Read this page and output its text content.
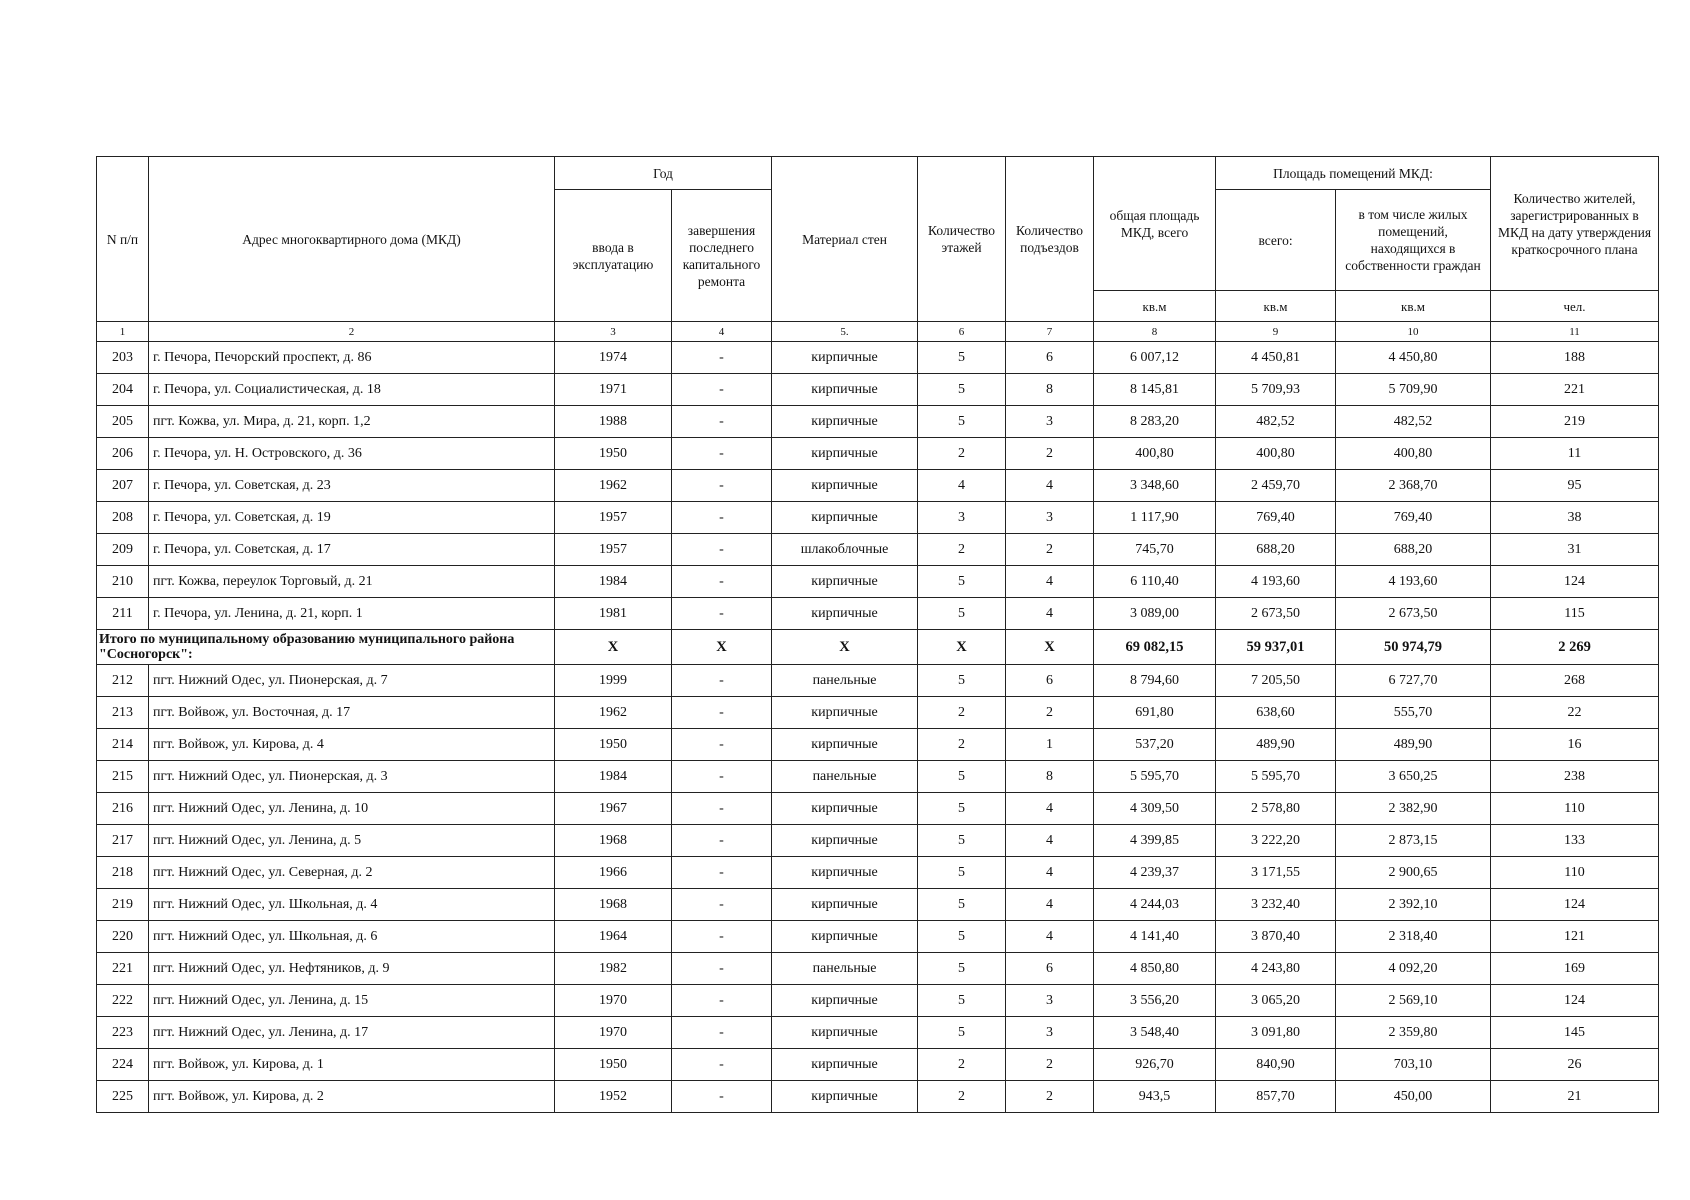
N п/п	Адрес многоквартирного дома (МКД)	Год		Материал стен	Количество этажей	Количество подъездов	общая площадь МКД, всего	Площадь помещений МКД:		Количество жителей, зарегистрированных в МКД на дату утверждения краткосрочного плана
		ввода в эксплуатацию	завершения последнего капитального ремонта					всего:	в том числе жилых помещений, находящихся в собственности граждан	
							кв.м	кв.м	кв.м	чел.
1	2	3	4	5.	6	7	8	9	10	11
203	г. Печора, Печорский проспект, д. 86	1974	-	кирпичные	5	6	6 007,12	4 450,81	4 450,80	188
204	г. Печора, ул. Социалистическая, д. 18	1971	-	кирпичные	5	8	8 145,81	5 709,93	5 709,90	221
205	пгт. Кожва, ул. Мира, д. 21, корп. 1,2	1988	-	кирпичные	5	3	8 283,20	482,52	482,52	219
206	г. Печора, ул. Н. Островского, д. 36	1950	-	кирпичные	2	2	400,80	400,80	400,80	11
207	г. Печора, ул. Советская, д. 23	1962	-	кирпичные	4	4	3 348,60	2 459,70	2 368,70	95
208	г. Печора, ул. Советская, д. 19	1957	-	кирпичные	3	3	1 117,90	769,40	769,40	38
209	г. Печора, ул. Советская, д. 17	1957	-	шлакоблочные	2	2	745,70	688,20	688,20	31
210	пгт. Кожва, переулок Торговый, д. 21	1984	-	кирпичные	5	4	6 110,40	4 193,60	4 193,60	124
211	г. Печора, ул. Ленина, д. 21, корп. 1	1981	-	кирпичные	5	4	3 089,00	2 673,50	2 673,50	115
Итого по муниципальному образованию муниципального района "Сосногорск":		X	X	X	X	X	69 082,15	59 937,01	50 974,79	2 269
212	пгт. Нижний Одес, ул. Пионерская, д. 7	1999	-	панельные	5	6	8 794,60	7 205,50	6 727,70	268
213	пгт. Войвож, ул. Восточная, д. 17	1962	-	кирпичные	2	2	691,80	638,60	555,70	22
214	пгт. Войвож, ул. Кирова, д. 4	1950	-	кирпичные	2	1	537,20	489,90	489,90	16
215	пгт. Нижний Одес, ул. Пионерская, д. 3	1984	-	панельные	5	8	5 595,70	5 595,70	3 650,25	238
216	пгт. Нижний Одес, ул. Ленина, д. 10	1967	-	кирпичные	5	4	4 309,50	2 578,80	2 382,90	110
217	пгт. Нижний Одес, ул. Ленина, д. 5	1968	-	кирпичные	5	4	4 399,85	3 222,20	2 873,15	133
218	пгт. Нижний Одес, ул. Северная, д. 2	1966	-	кирпичные	5	4	4 239,37	3 171,55	2 900,65	110
219	пгт. Нижний Одес, ул. Школьная, д. 4	1968	-	кирпичные	5	4	4 244,03	3 232,40	2 392,10	124
220	пгт. Нижний Одес, ул. Школьная, д. 6	1964	-	кирпичные	5	4	4 141,40	3 870,40	2 318,40	121
221	пгт. Нижний Одес, ул. Нефтяников, д. 9	1982	-	панельные	5	6	4 850,80	4 243,80	4 092,20	169
222	пгт. Нижний Одес, ул. Ленина, д. 15	1970	-	кирпичные	5	3	3 556,20	3 065,20	2 569,10	124
223	пгт. Нижний Одес, ул. Ленина, д. 17	1970	-	кирпичные	5	3	3 548,40	3 091,80	2 359,80	145
224	пгт. Войвож, ул. Кирова, д. 1	1950	-	кирпичные	2	2	926,70	840,90	703,10	26
225	пгт. Войвож, ул. Кирова, д. 2	1952	-	кирпичные	2	2	943,5	857,70	450,00	21
